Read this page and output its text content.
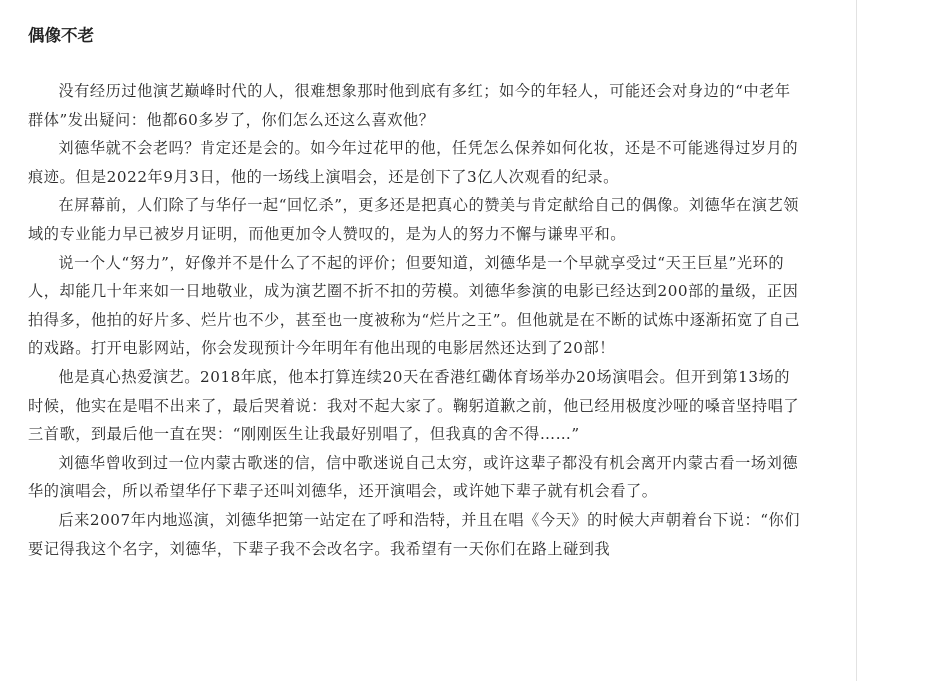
偶像不老

没有经历过他演艺巅峰时代的人，很难想象那时他到底有多红；如今的年轻人，可能还会对身边的“中老年群体”发出疑问：他都60多岁了，你们怎么还这么喜欢他？

刘德华就不会老吗？肯定还是会的。如今年过花甲的他，任凭怎么保养如何化妆，还是不可能逃得过岁月的痕迹。但是2022年9月3日，他的一场线上演唱会，还是创下了3亿人次观看的纪录。

在屏幕前，人们除了与华仔一起“回忆杀”，更多还是把真心的赞美与肯定献给自己的偶像。刘德华在演艺领域的专业能力早已被岁月证明，而他更加令人赞叹的，是为人的努力不懈与谦卑平和。

说一个人“努力”，好像并不是什么了不起的评价；但要知道，刘德华是一个早就享受过“天王巨星”光环的人，却能几十年来如一日地敬业，成为演艺圈不折不扣的劳模。刘德华参演的电影已经达到200部的量级，正因拍得多，他拍的好片多、烂片也不少，甚至也一度被称为“烂片之王”。但他就是在不断的试炼中逐渐拓宽了自己的戏路。打开电影网站，你会发现预计今年明年有他出现的电影居然还达到了20部！

他是真心热爱演艺。2018年底，他本打算连续20天在香港红磡体育场举办20场演唱会。但开到第13场的时候，他实在是唱不出来了，最后哭着说：我对不起大家了。鞠躬道歉之前，他已经用极度沙哑的嗓音坚持唱了三首歌，到最后他一直在哭：“刚刚医生让我最好别唱了，但我真的舍不得……”

刘德华曾收到过一位内蒙古歌迷的信，信中歌迷说自己太穷，或许这辈子都没有机会离开内蒙古看一场刘德华的演唱会，所以希望华仔下辈子还叫刘德华，还开演唱会，或许她下辈子就有机会看了。

后来2007年内地巡演，刘德华把第一站定在了呼和浩特，并且在唱《今天》的时候大声朝着台下说：“你们要记得我这个名字，刘德华，下辈子我不会改名字。我希望有一天你们在路上碰到我
